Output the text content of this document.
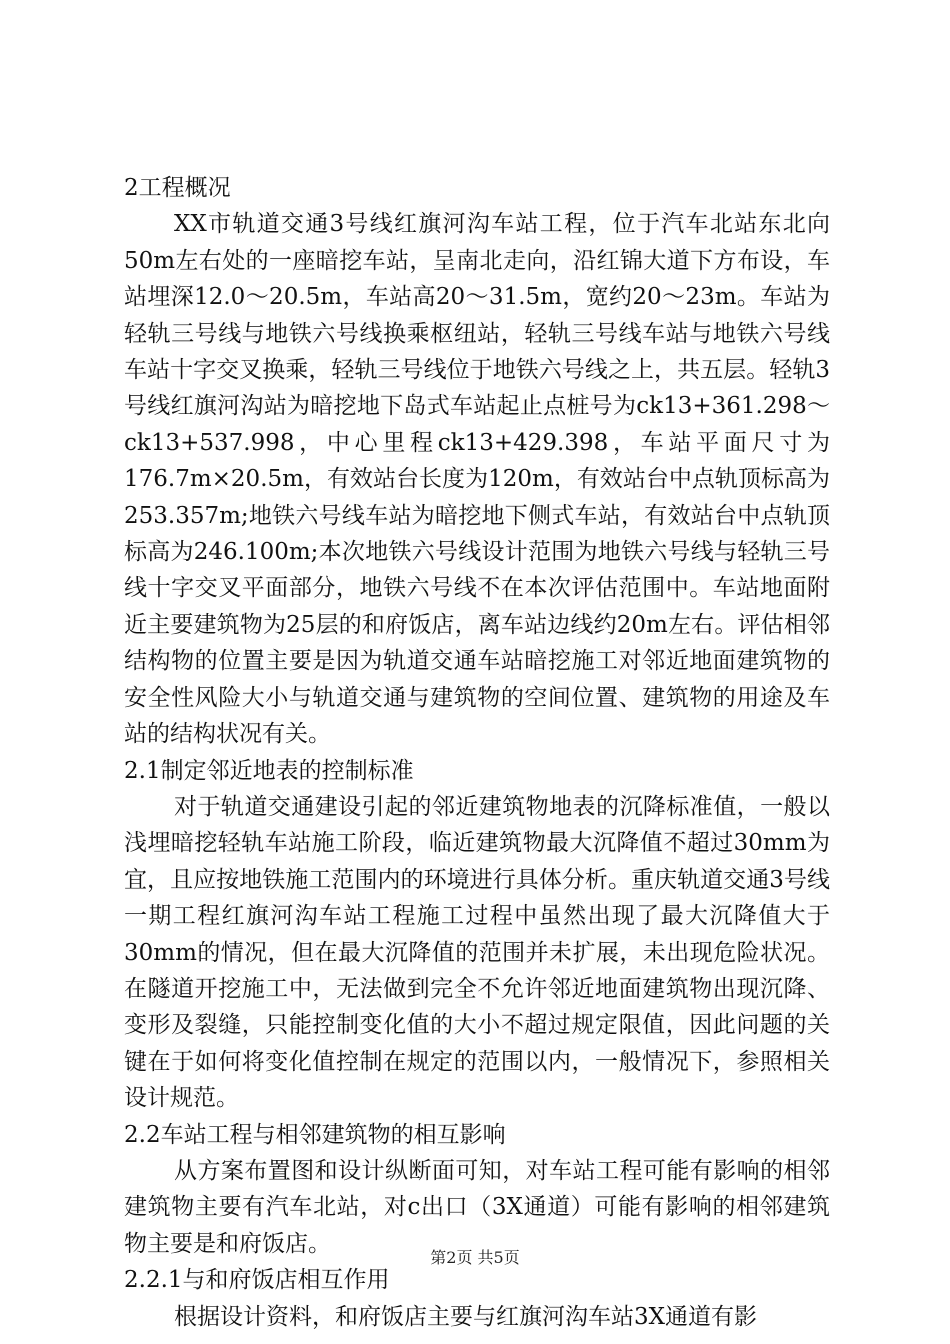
2工程概况

XX市轨道交通3号线红旗河沟车站工程，位于汽车北站东北向50m左右处的一座暗挖车站，呈南北走向，沿红锦大道下方布设，车站埋深12.0～20.5m，车站高20～31.5m，宽约20～23m。车站为轻轨三号线与地铁六号线换乘枢纽站，轻轨三号线车站与地铁六号线车站十字交叉换乘，轻轨三号线位于地铁六号线之上，共五层。轻轨3号线红旗河沟站为暗挖地下岛式车站起止点桩号为ck13+361.298～ck13+537.998，中心里程ck13+429.398，车站平面尺寸为176.7m×20.5m，有效站台长度为120m，有效站台中点轨顶标高为253.357m;地铁六号线车站为暗挖地下侧式车站，有效站台中点轨顶标高为246.100m;本次地铁六号线设计范围为地铁六号线与轻轨三号线十字交叉平面部分，地铁六号线不在本次评估范围中。车站地面附近主要建筑物为25层的和府饭店，离车站边线约20m左右。评估相邻结构物的位置主要是因为轨道交通车站暗挖施工对邻近地面建筑物的安全性风险大小与轨道交通与建筑物的空间位置、建筑物的用途及车站的结构状况有关。

2.1制定邻近地表的控制标准

对于轨道交通建设引起的邻近建筑物地表的沉降标准值，一般以浅埋暗挖轻轨车站施工阶段，临近建筑物最大沉降值不超过30mm为宜，且应按地铁施工范围内的环境进行具体分析。重庆轨道交通3号线一期工程红旗河沟车站工程施工过程中虽然出现了最大沉降值大于30mm的情况，但在最大沉降值的范围并未扩展，未出现危险状况。在隧道开挖施工中，无法做到完全不允许邻近地面建筑物出现沉降、变形及裂缝，只能控制变化值的大小不超过规定限值，因此问题的关键在于如何将变化值控制在规定的范围以内，一般情况下，参照相关设计规范。

2.2车站工程与相邻建筑物的相互影响

从方案布置图和设计纵断面可知，对车站工程可能有影响的相邻建筑物主要有汽车北站，对c出口（3X通道）可能有影响的相邻建筑物主要是和府饭店。

2.2.1与和府饭店相互作用

根据设计资料，和府饭店主要与红旗河沟车站3X通道有影

第2页 共5页
